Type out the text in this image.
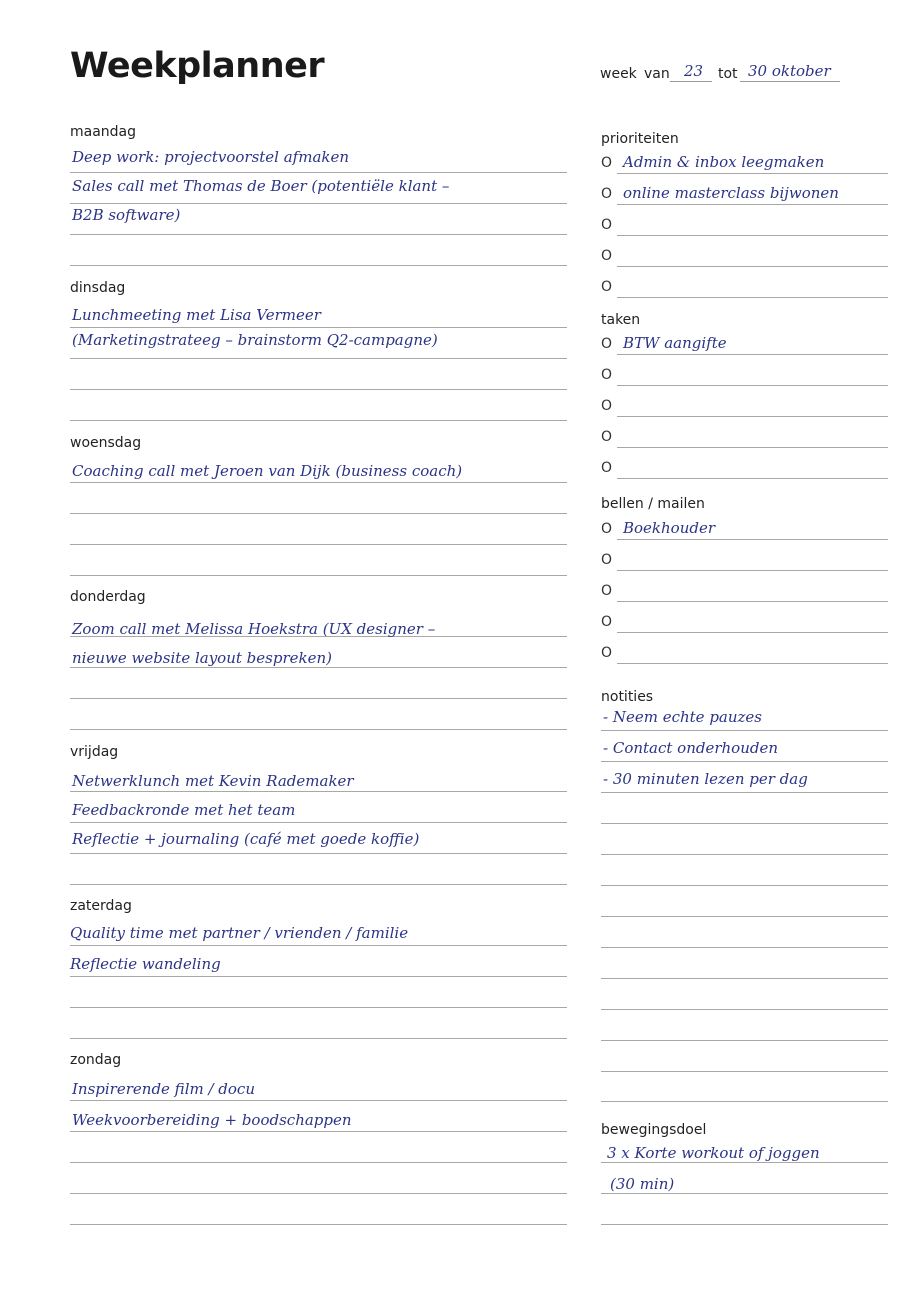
Weekplanner	week van 23 tot 30 oktober
maandag
Deep work: projectvoorstel afmaken
Sales call met Thomas de Boer (potentiële klant –
B2B software)
dinsdag
Lunchmeeting met Lisa Vermeer
(Marketingstrateeg – brainstorm Q2-campagne)
woensdag
Coaching call met Jeroen van Dijk (business coach)
donderdag
Zoom call met Melissa Hoekstra (UX designer –
nieuwe website layout bespreken)
vrijdag
Netwerklunch met Kevin Rademaker
Feedbackronde met het team
Reflectie + journaling (café met goede koffie)
zaterdag
Quality time met partner / vrienden / familie
Reflectie wandeling
zondag
Inspirerende film / docu
Weekvoorbereiding + boodschappen
prioriteiten
O Admin & inbox leegmaken
O online masterclass bijwonen
O
O
O
taken
O BTW aangifte
O
O
O
O
bellen / mailen
O Boekhouder
O
O
O
O
notities
- Neem echte pauzes
- Contact onderhouden
- 30 minuten lezen per dag
bewegingsdoel
3 x Korte workout of joggen
(30 min)
